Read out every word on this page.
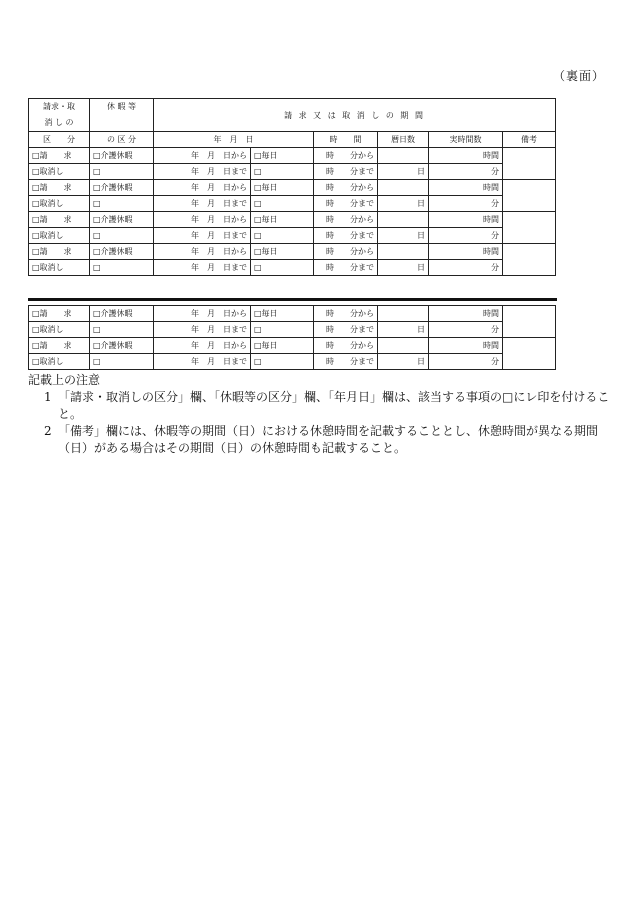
（裏面）
請求・取
消 し の	休 暇 等	請 求 又 は 取 消 し の 期 間					

区　　分	の 区 分	年　月　日		時　　間	暦日数	実時間数	備考
□請　　求	□介護休暇	年　月　日から	□毎日	時　　分から		時間	
□取消し	□	年　月　日まで	□	時　　分まで	日	分	
□請　　求	□介護休暇	年　月　日から	□毎日	時　　分から		時間	
□取消し	□	年　月　日まで	□	時　　分まで	日	分	
□請　　求	□介護休暇	年　月　日から	□毎日	時　　分から		時間	
□取消し	□	年　月　日まで	□	時　　分まで	日	分	
□請　　求	□介護休暇	年　月　日から	□毎日	時　　分から		時間	
□取消し	□	年　月　日まで	□	時　　分まで	日	分	
□請　　求	□介護休暇	年　月　日から	□毎日	時　　分から		時間	
□取消し	□	年　月　日まで	□	時　　分まで	日	分	
□請　　求	□介護休暇	年　月　日から	□毎日	時　　分から		時間	
□取消し	□	年　月　日まで	□	時　　分まで	日	分	
記載上の注意
1 「請求・取消しの区分」欄、「休暇等の区分」欄、「年月日」欄は、該当する事項の□にレ印を付けること。
2 「備考」欄には、休暇等の期間（日）における休憩時間を記載することとし、休憩時間が異なる期間（日）がある場合はその期間（日）の休憩時間も記載すること。
